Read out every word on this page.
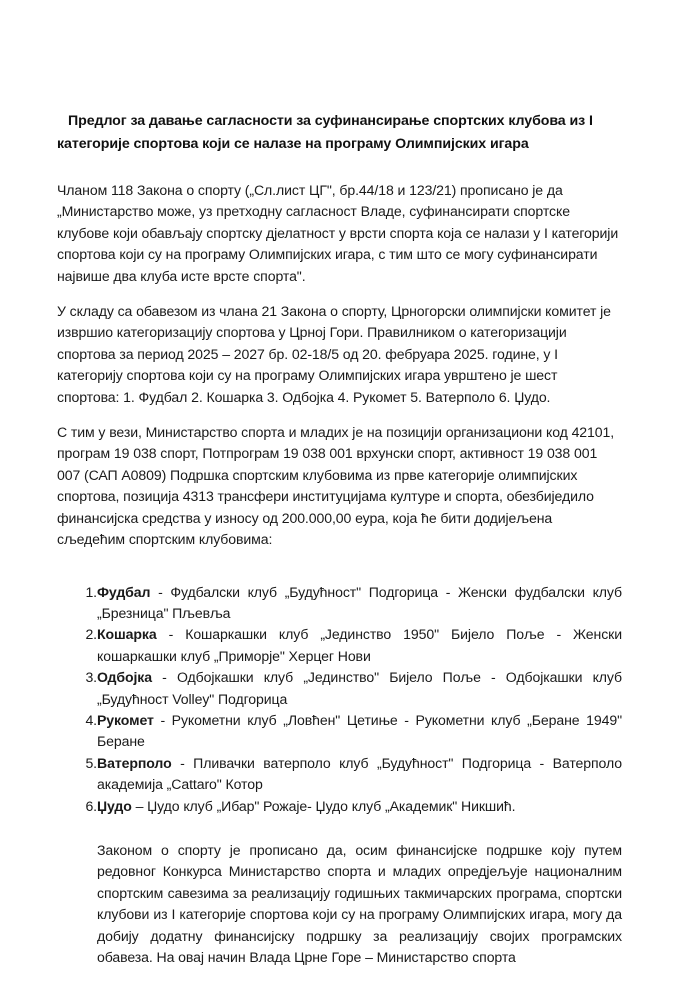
Предлог за давање сагласности за суфинансирање спортских клубова из I категорије спортова који се налазе на програму Олимпијских игара

Чланом 118 Закона о спорту („Сл.лист ЦГ", бр.44/18 и 123/21) прописано је да „Министарство може, уз претходну сагласност Владе, суфинансирати спортске клубове који обављају спортску дјелатност у врсти спорта која се налази у I категорији спортова који су на програму Олимпијских игара, с тим што се могу суфинансирати највише два клуба исте врсте спорта".

У складу са обавезом из члана 21 Закона о спорту, Црногорски олимпијски комитет је извршио категоризацију спортова у Црној Гори. Правилником о категоризацији спортова за период 2025 – 2027 бр. 02-18/5 од 20. фебруара 2025. године, у I категорију спортова који су на програму Олимпијских игара уврштено је шест спортова: 1. Фудбал 2. Кошарка 3. Одбојка 4. Рукомет 5. Ватерполо 6. Џудо.

С тим у вези, Министарство спорта и младих је на позицији организациони код 42101, програм 19 038 спорт, Потпрограм 19 038 001 врхунски спорт, активност 19 038 001 007 (САП А0809) Подршка спортским клубовима из прве категорије олимпијских спортова, позиција 4313 трансфери институцијама културе и спорта, обезбиједило финансијска средства у износу од 200.000,00 еура, која ће бити додијељена сљедећим спортским клубовима:

1. Фудбал - Фудбалски клуб „Будућност" Подгорица - Женски фудбалски клуб „Брезница" Пљевља
2. Кошарка - Кошаркашки клуб „Јединство 1950" Бијело Поље - Женски кошаркашки клуб „Приморје" Херцег Нови
3. Одбојка - Одбојкашки клуб „Јединство" Бијело Поље - Одбојкашки клуб „Будућност Volley" Подгорица
4. Рукомет - Рукометни клуб „Ловћен" Цетиње - Рукометни клуб „Беране 1949" Беране
5. Ватерполо - Пливачки ватерполо клуб „Будућност" Подгорица - Ватерполо академија „Cattaro" Котор
6. Џудо – Џудо клуб „Ибар" Рожаје- Џудо клуб „Академик" Никшић.

Законом о спорту је прописано да, осим финансијске подршке коју путем редовног Конкурса Министарство спорта и младих опредјељује националним спортским савезима за реализацију годишњих такмичарских програма, спортски клубови из I категорије спортова који су на програму Олимпијских игара, могу да добију додатну финансијску подршку за реализацију својих програмских обавеза. На овај начин Влада Црне Горе – Министарство спорта
